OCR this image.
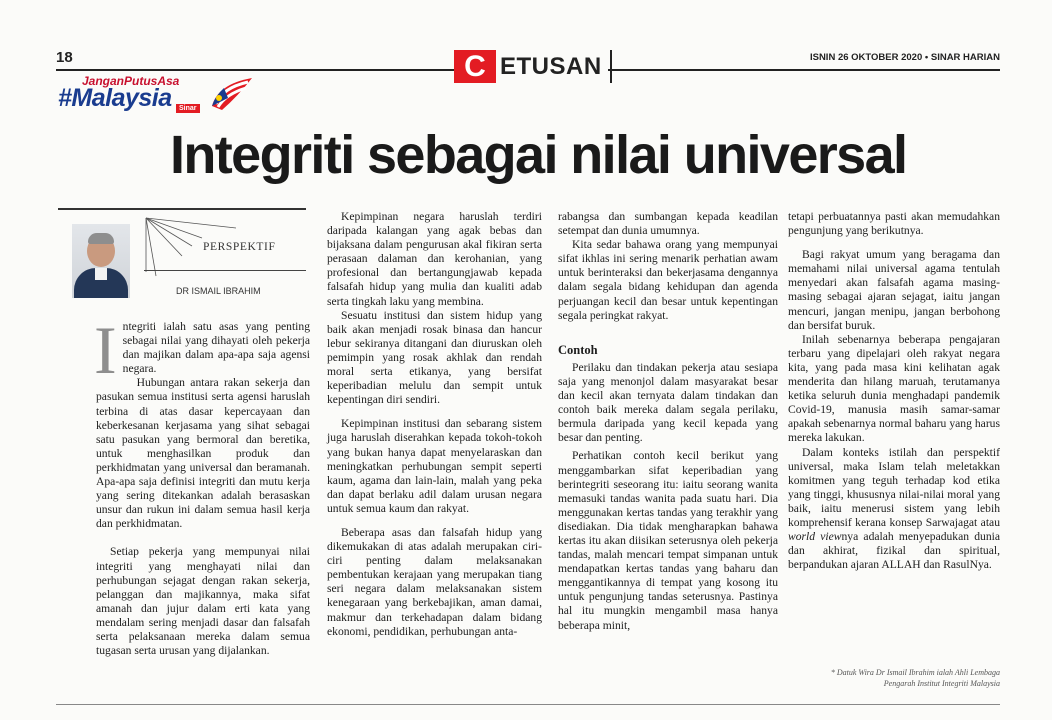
18	C ETUSAN	ISNIN 26 OKTOBER 2020 • SINAR HARIAN
JanganPutusAsa
#Malaysia	Sinar
Integriti sebagai nilai universal
PERSPEKTIF
DR ISMAIL IBRAHIM

Integriti ialah satu asas yang penting sebagai nilai yang dihayati oleh pekerja dan majikan dalam apa-apa saja agensi negara.

Hubungan antara rakan sekerja dan pasukan semua institusi serta agensi haruslah terbina di atas dasar kepercayaan dan keberkesanan kerjasama yang sihat sebagai satu pasukan yang bermoral dan beretika, untuk menghasilkan produk dan perkhidmatan yang universal dan beramanah. Apa-apa saja definisi integriti dan mutu kerja yang sering ditekankan adalah berasaskan unsur dan rukun ini dalam semua hasil kerja dan perkhidmatan.

Setiap pekerja yang mempunyai nilai integriti yang menghayati nilai dan perhubungan sejagat dengan rakan sekerja, pelanggan dan majikannya, maka sifat amanah dan jujur dalam erti kata yang mendalam sering menjadi dasar dan falsafah serta pelaksanaan mereka dalam semua tugasan serta urusan yang dijalankan.

Kepimpinan negara haruslah terdiri daripada kalangan yang agak bebas dan bijaksana dalam pengurusan akal fikiran serta perasaan dalaman dan kerohanian, yang profesional dan bertangungjawab kepada falsafah hidup yang mulia dan kualiti adab serta tingkah laku yang membina.

Sesuatu institusi dan sistem hidup yang baik akan menjadi rosak binasa dan hancur lebur sekiranya ditangani dan diuruskan oleh pemimpin yang rosak akhlak dan rendah moral serta etikanya, yang bersifat keperibadian melulu dan sempit untuk kepentingan diri sendiri.

Kepimpinan institusi dan sebarang sistem juga haruslah diserahkan kepada tokoh-tokoh yang bukan hanya dapat menyelaraskan dan meningkatkan perhubungan sempit seperti kaum, agama dan lain-lain, malah yang peka dan dapat berlaku adil dalam urusan negara untuk semua kaum dan rakyat.

Beberapa asas dan falsafah hidup yang dikemukakan di atas adalah merupakan ciri-ciri penting dalam melaksanakan pembentukan kerajaan yang merupakan tiang seri negara dalam melaksanakan sistem kenegaraan yang berkebajikan, aman damai, makmur dan terkehadapan dalam bidang ekonomi, pendidikan, perhubungan anta-

rabangsa dan sumbangan kepada keadilan setempat dan dunia umumnya.

Kita sedar bahawa orang yang mempunyai sifat ikhlas ini sering menarik perhatian awam untuk berinteraksi dan bekerjasama dengannya dalam segala bidang kehidupan dan agenda perjuangan kecil dan besar untuk kepentingan segala peringkat rakyat.

Contoh

Perilaku dan tindakan pekerja atau sesiapa saja yang menonjol dalam masyarakat besar dan kecil akan ternyata dalam tindakan dan contoh baik mereka dalam segala perilaku, bermula daripada yang kecil kepada yang besar dan penting.

Perhatikan contoh kecil berikut yang menggambarkan sifat keperibadian yang berintegriti seseorang itu: iaitu seorang wanita memasuki tandas wanita pada suatu hari. Dia menggunakan kertas tandas yang terakhir yang disediakan. Dia tidak mengharapkan bahawa kertas itu akan diisikan seterusnya oleh pekerja tandas, malah mencari tempat simpanan untuk mendapatkan kertas tandas yang baharu dan menggantikannya di tempat yang kosong itu untuk pengunjung tandas seterusnya. Pastinya hal itu mungkin mengambil masa hanya beberapa minit,

tetapi perbuatannya pasti akan memudahkan pengunjung yang berikutnya.

Bagi rakyat umum yang beragama dan memahami nilai universal agama tentulah menyedari akan falsafah agama masing-masing sebagai ajaran sejagat, iaitu jangan mencuri, jangan menipu, jangan berbohong dan bersifat buruk.

Inilah sebenarnya beberapa pengajaran terbaru yang dipelajari oleh rakyat negara kita, yang pada masa kini kelihatan agak menderita dan hilang maruah, terutamanya ketika seluruh dunia menghadapi pandemik Covid-19, manusia masih samar-samar apakah sebenarnya normal baharu yang harus mereka lakukan.

Dalam konteks istilah dan perspektif universal, maka Islam telah meletakkan komitmen yang teguh terhadap kod etika yang tinggi, khususnya nilai-nilai moral yang baik, iaitu menerusi sistem yang lebih komprehensif kerana konsep Sarwajagat atau world viewnya adalah menyepadukan dunia dan akhirat, fizikal dan spiritual, berpandukan ajaran ALLAH dan RasulNya.

* Datuk Wira Dr Ismail Ibrahim ialah Ahli Lembaga Pengarah Institut Integriti Malaysia
